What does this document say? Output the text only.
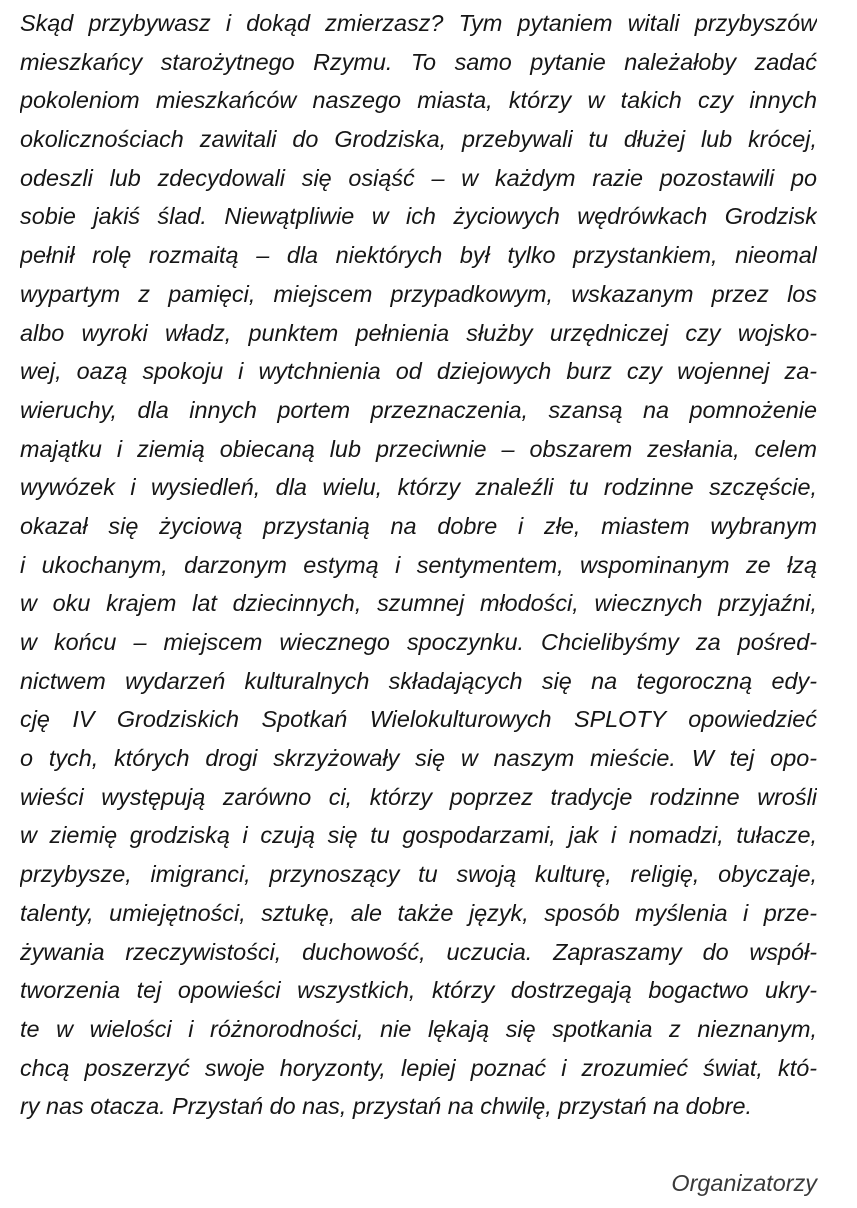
Skąd przybywasz i dokąd zmierzasz? Tym pytaniem witali przybyszów
mieszkańcy starożytnego Rzymu. To samo pytanie należałoby zadać
pokoleniom mieszkańców naszego miasta, którzy w takich czy innych
okolicznościach zawitali do Grodziska, przebywali tu dłużej lub krócej,
odeszli lub zdecydowali się osiąść – w każdym razie pozostawili po
sobie jakiś ślad. Niewątpliwie w ich życiowych wędrówkach Grodzisk
pełnił rolę rozmaitą – dla niektórych był tylko przystankiem, nieomal
wypartym z pamięci, miejscem przypadkowym, wskazanym przez los
albo wyroki władz, punktem pełnienia służby urzędniczej czy wojsko-
wej, oazą spokoju i wytchnienia od dziejowych burz czy wojennej za-
wieruchy, dla innych portem przeznaczenia, szansą na pomnożenie
majątku i ziemią obiecaną lub przeciwnie – obszarem zesłania, celem
wywózek i wysiedleń, dla wielu, którzy znaleźli tu rodzinne szczęście,
okazał się życiową przystanią na dobre i złe, miastem wybranym
i ukochanym, darzonym estymą i sentymentem, wspominanym ze łzą
w oku krajem lat dziecinnych, szumnej młodości, wiecznych przyjaźni,
w końcu – miejscem wiecznego spoczynku. Chcielibyśmy za pośred-
nictwem wydarzeń kulturalnych składających się na tegoroczną edy-
cję IV Grodziskich Spotkań Wielokulturowych SPLOTY opowiedzieć
o tych, których drogi skrzyżowały się w naszym mieście. W tej opo-
wieści występują zarówno ci, którzy poprzez tradycje rodzinne wrośli
w ziemię grodziską i czują się tu gospodarzami, jak i nomadzi, tułacze,
przybysze, imigranci, przynoszący tu swoją kulturę, religię, obyczaje,
talenty, umiejętności, sztukę, ale także język, sposób myślenia i prze-
żywania rzeczywistości, duchowość, uczucia. Zapraszamy do współ-
tworzenia tej opowieści wszystkich, którzy dostrzegają bogactwo ukry-
te w wielości i różnorodności, nie lękają się spotkania z nieznanym,
chcą poszerzyć swoje horyzonty, lepiej poznać i zrozumieć świat, któ-
ry nas otacza. Przystań do nas, przystań na chwilę, przystań na dobre.
Organizatorzy
